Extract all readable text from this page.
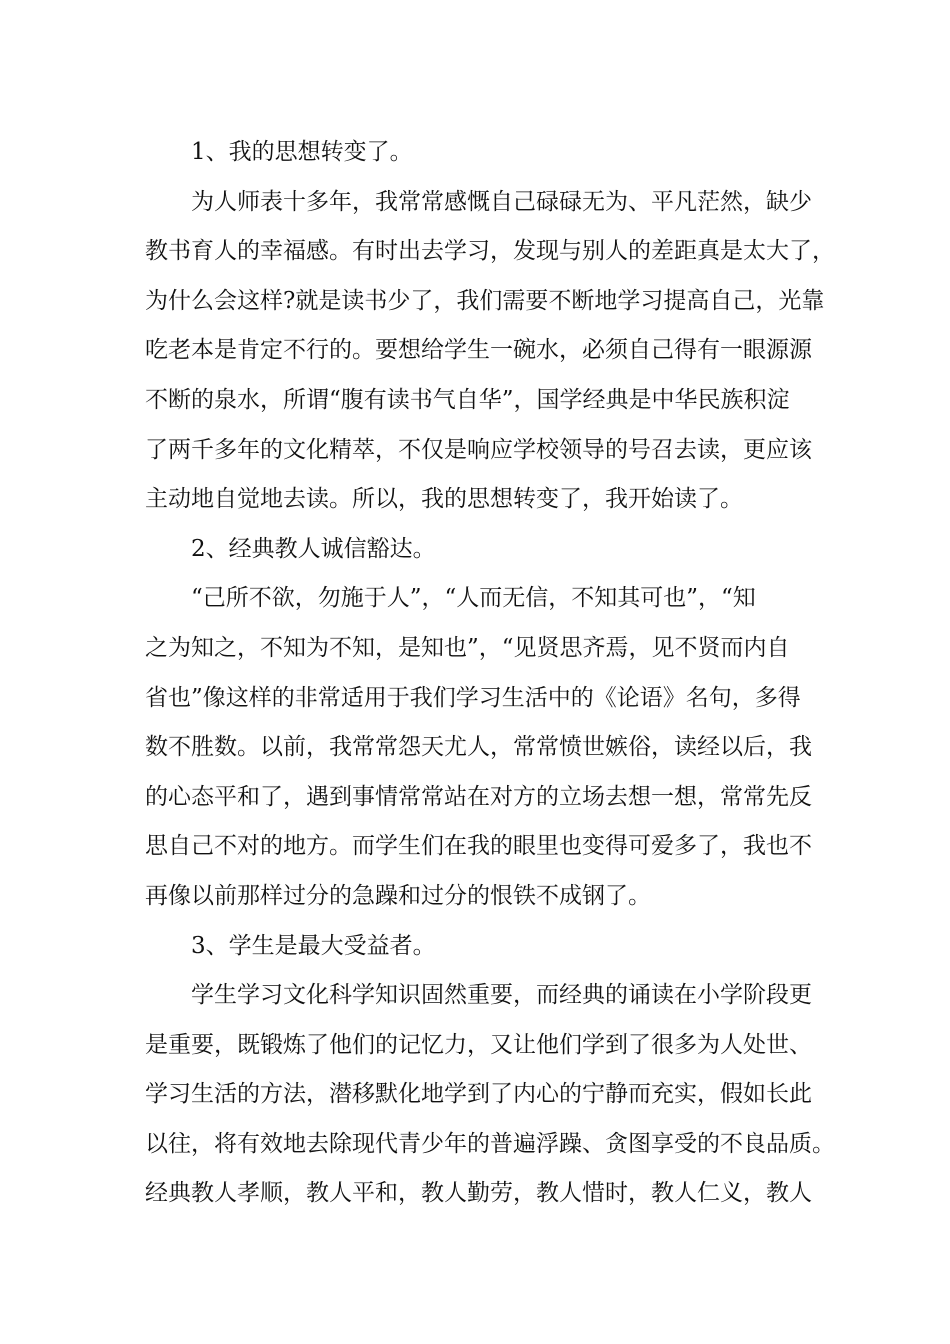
1、我的思想转变了。
为人师表十多年，我常常感慨自己碌碌无为、平凡茫然，缺少
教书育人的幸福感。有时出去学习，发现与别人的差距真是太大了，
为什么会这样?就是读书少了，我们需要不断地学习提高自己，光靠
吃老本是肯定不行的。要想给学生一碗水，必须自己得有一眼源源
不断的泉水，所谓“腹有读书气自华”，国学经典是中华民族积淀
了两千多年的文化精萃，不仅是响应学校领导的号召去读，更应该
主动地自觉地去读。所以，我的思想转变了，我开始读了。
2、经典教人诚信豁达。
“己所不欲，勿施于人”，“人而无信，不知其可也”，“知
之为知之，不知为不知，是知也”，“见贤思齐焉，见不贤而内自
省也”像这样的非常适用于我们学习生活中的《论语》名句，多得
数不胜数。以前，我常常怨天尤人，常常愤世嫉俗，读经以后，我
的心态平和了，遇到事情常常站在对方的立场去想一想，常常先反
思自己不对的地方。而学生们在我的眼里也变得可爱多了，我也不
再像以前那样过分的急躁和过分的恨铁不成钢了。
3、学生是最大受益者。
学生学习文化科学知识固然重要，而经典的诵读在小学阶段更
是重要，既锻炼了他们的记忆力，又让他们学到了很多为人处世、
学习生活的方法，潜移默化地学到了内心的宁静而充实，假如长此
以往，将有效地去除现代青少年的普遍浮躁、贪图享受的不良品质。
经典教人孝顺，教人平和，教人勤劳，教人惜时，教人仁义，教人
